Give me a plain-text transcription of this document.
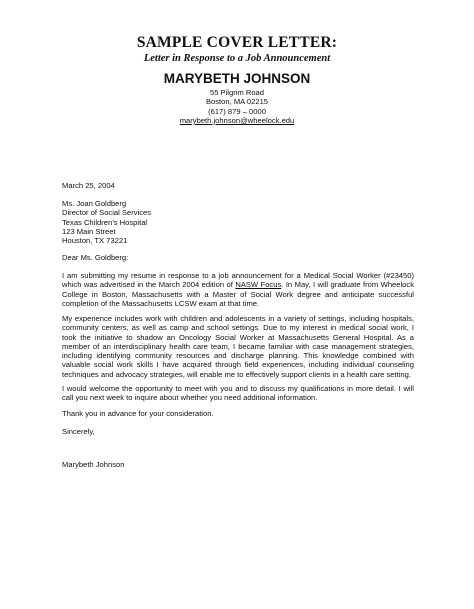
SAMPLE COVER LETTER:
Letter in Response to a Job Announcement
MARYBETH JOHNSON
55 Pilgrim Road
Boston, MA 02215
(617) 879 – 0000
marybeth.johnson@wheelock.edu
March 25, 2004
Ms. Joan Goldberg
Director of Social Services
Texas Children’s Hospital
123 Main Street
Houston, TX 73221
Dear Ms. Goldberg:
I am submitting my resume in response to a job announcement for a Medical Social Worker (#23450)
which was advertised in the March 2004 edition of NASW Focus. In May, I will graduate from Wheelock
College in Boston, Massachusetts with a Master of Social Work degree and anticipate successful
completion of the Massachusetts LCSW exam at that time.
My experience includes work with children and adolescents in a variety of settings, including hospitals,
community centers, as well as camp and school settings. Due to my interest in medical social work, I
took the initiative to shadow an Oncology Social Worker at Massachusetts General Hospital. As a
member of an interdisciplinary health care team, I became familiar with case management strategies,
including identifying community resources and discharge planning. This knowledge combined with
valuable social work skills I have acquired through field experiences, including individual counseling
techniques and advocacy strategies, will enable me to effectively support clients in a health care setting.
I would welcome the opportunity to meet with you and to discuss my qualifications in more detail. I will
call you next week to inquire about whether you need additional information.
Thank you in advance for your consideration.
Sincerely,
Marybeth Johnson
